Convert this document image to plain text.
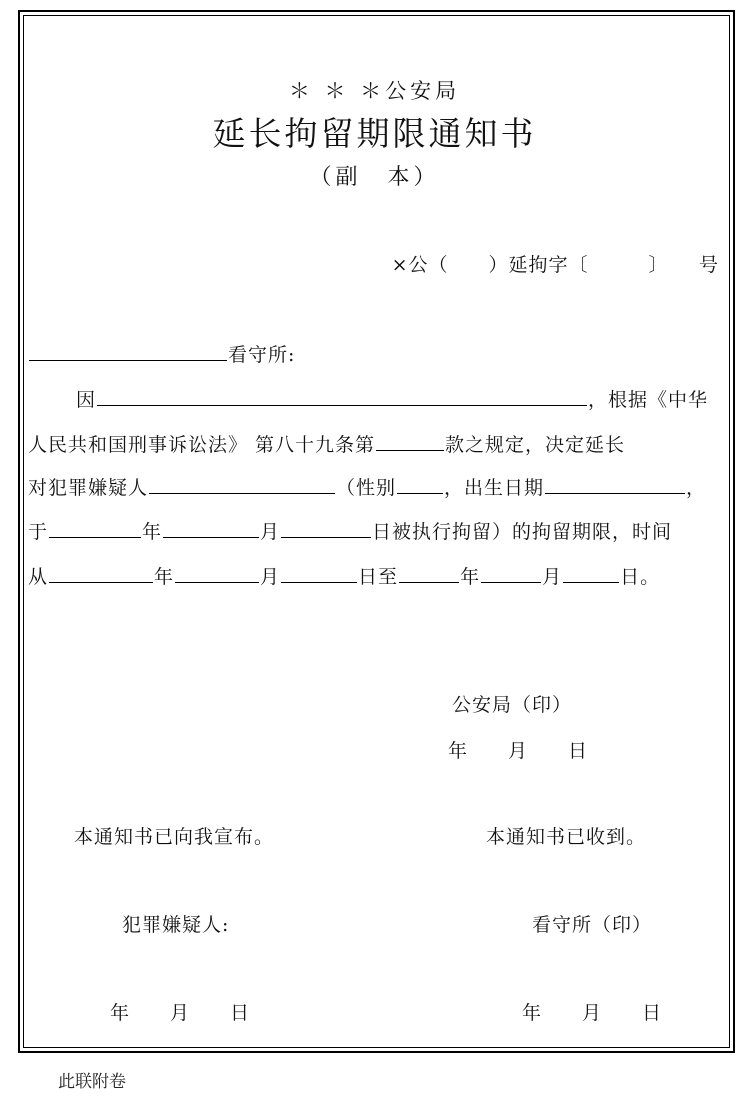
＊ ＊ ＊公安局
延长拘留期限通知书
（副　本）
×公（　　）延拘字〔　　　〕　　号
看守所:
因	，根据《中华
人民共和国刑事诉讼法》 第八十九条第	款之规定，决定延长
对犯罪嫌疑人	（性别	，出生日期	，
于	年	月	日被执行拘留）的拘留期限，时间
从	年	月	日至	年	月	日。
公安局（印）
年　　月　　日
本通知书已向我宣布。	本通知书已收到。
犯罪嫌疑人:	看守所（印）
年　　月　　日	年　　月　　日
此联附卷
